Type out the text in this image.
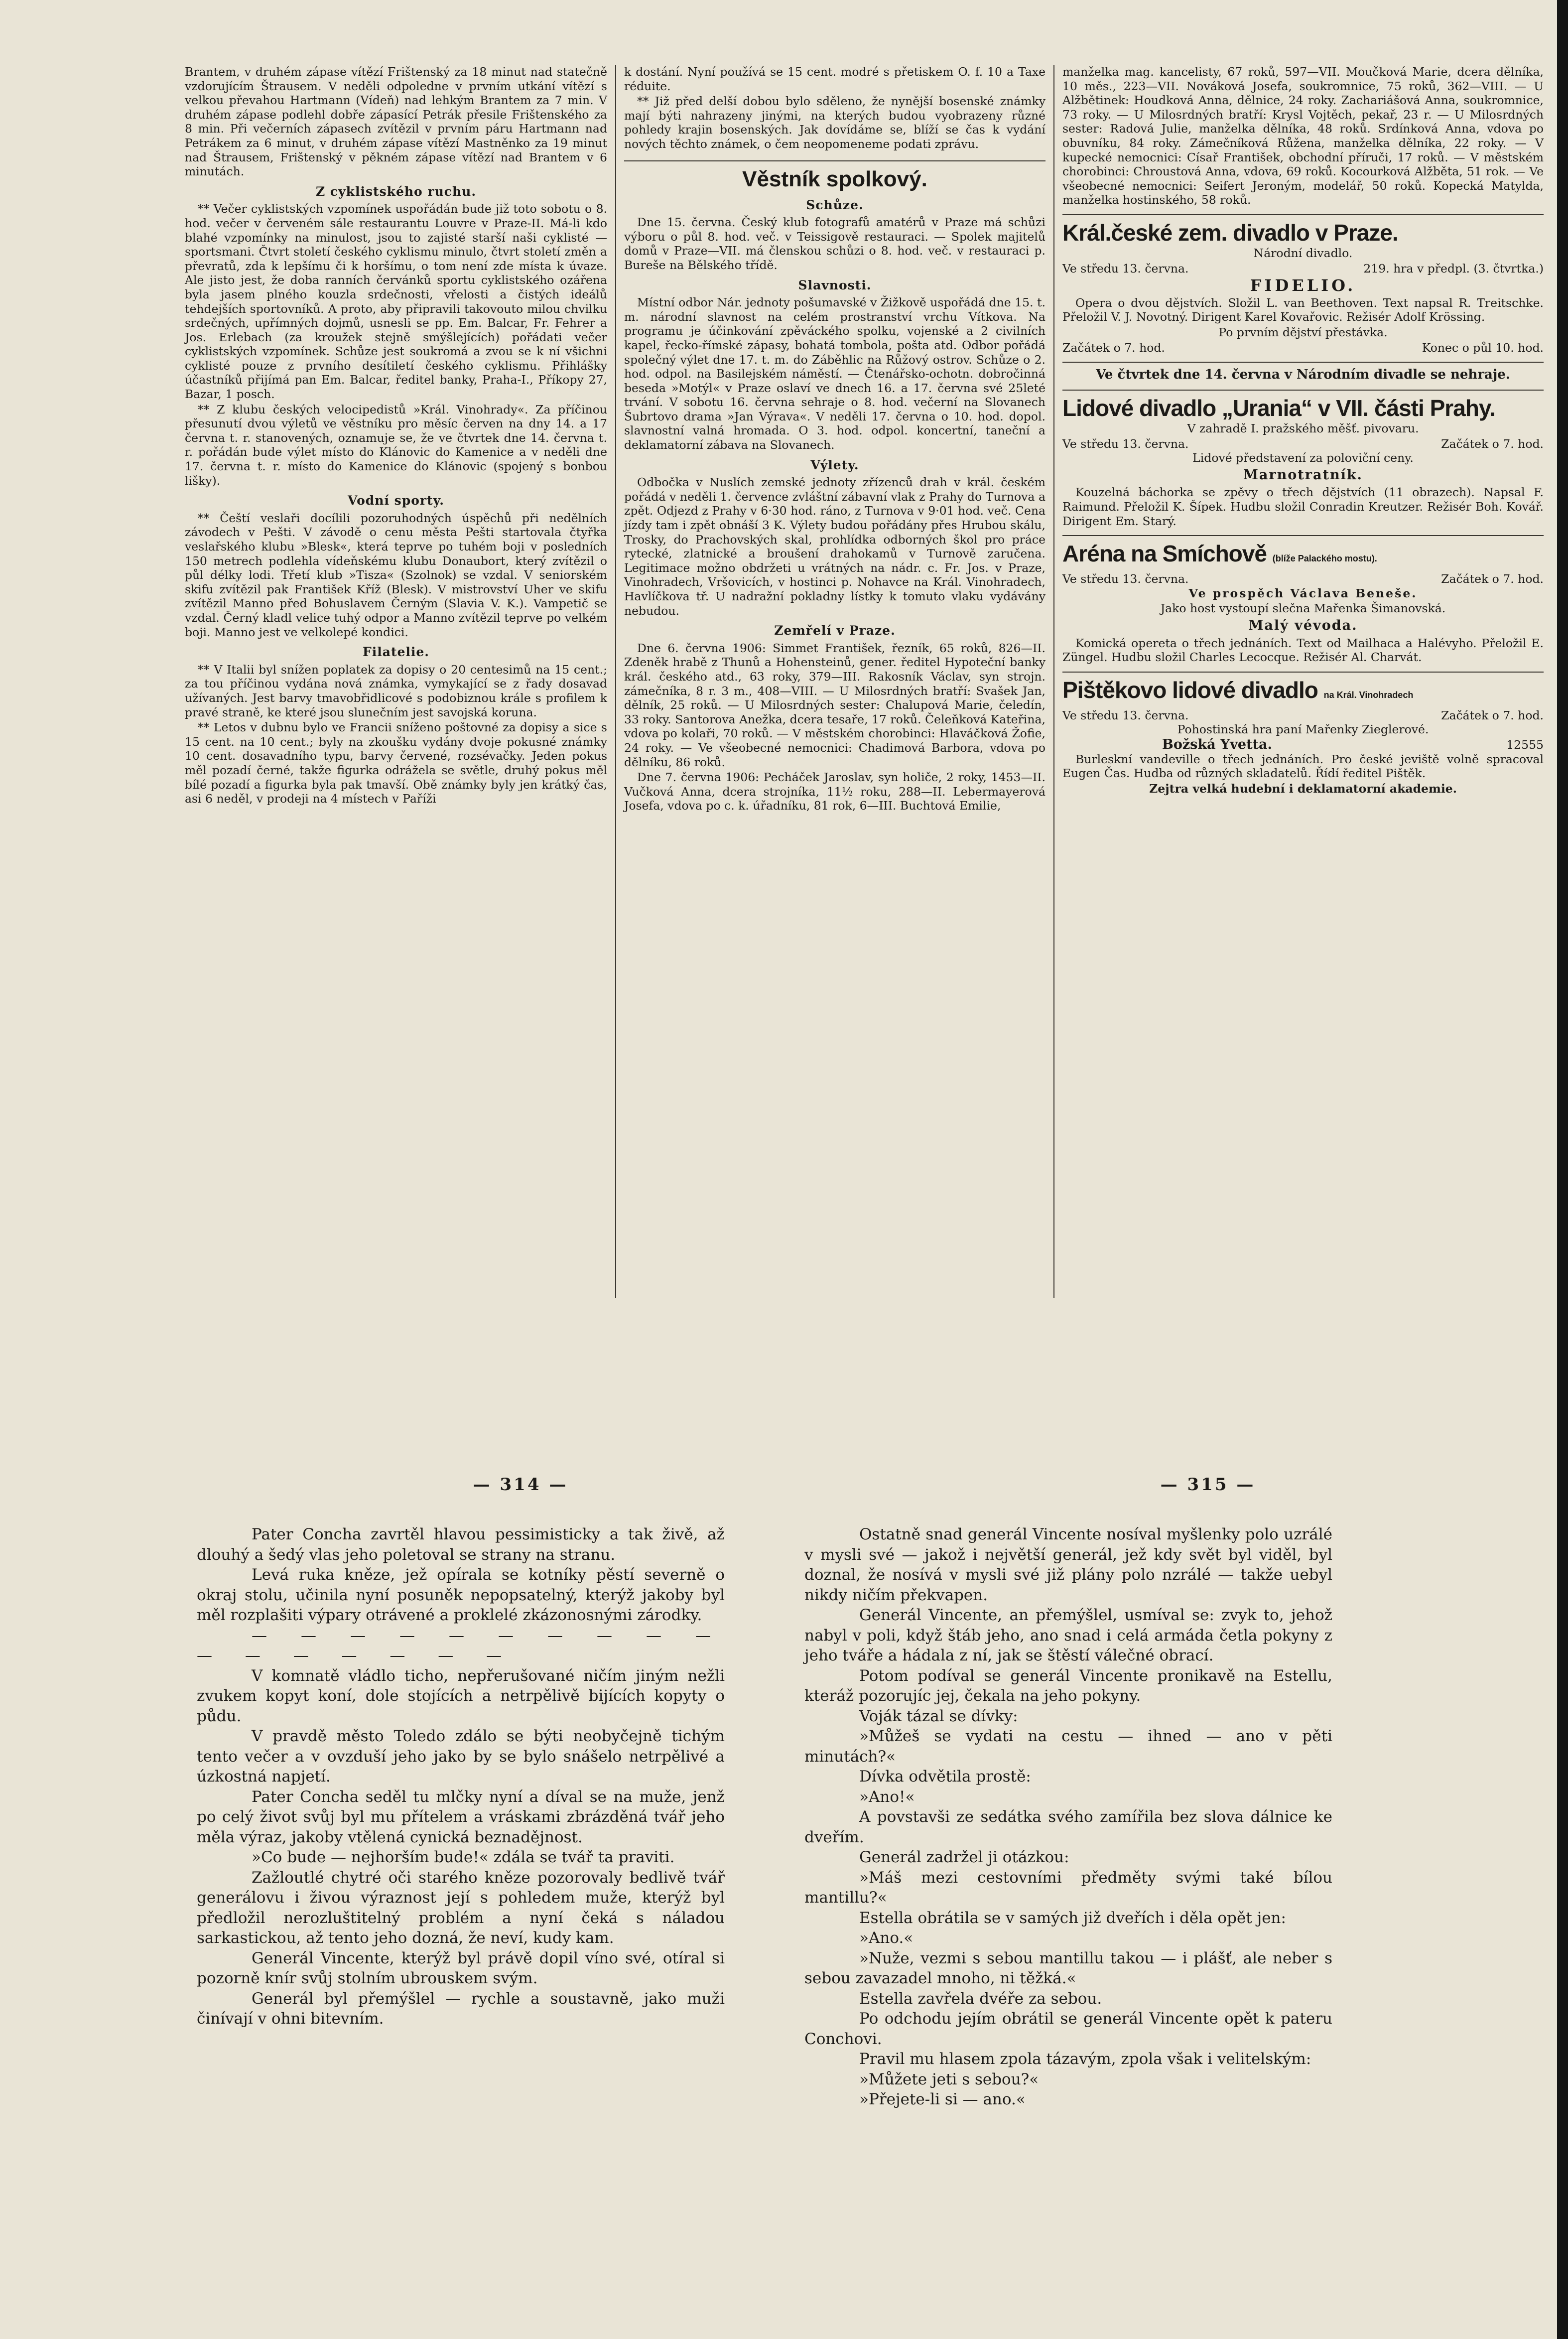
Brantem, v druhém zápase vítězí Frištenský za 18 minut nad statečně vzdorujícím Štrausem. V neděli odpoledne v prvním utkání vítězí s velkou převahou Hartmann (Vídeň) nad lehkým Brantem za 7 min. V druhém zápase podlehl dobře zápasící Petrák přesile Frištenského za 8 min. Při večerních zápasech zvítězil v prvním páru Hartmann nad Petrákem za 6 minut, v druhém zápase vítězí Mastněnko za 19 minut nad Štrausem, Frištenský v pěkném zápase vítězí nad Brantem v 6 minutách.

Z cyklistského ruchu.

** Večer cyklistských vzpomínek uspořádán bude již toto sobotu o 8. hod. večer v červeném sále restaurantu Louvre v Praze-II. Má-li kdo blahé vzpomínky na minulost, jsou to zajisté starší naši cyklisté — sportsmani. Čtvrt století českého cyklismu minulo, čtvrt století změn a převratů, zda k lepšímu či k horšímu, o tom není zde místa k úvaze. Ale jisto jest, že doba ranních červánků sportu cyklistského ozářena byla jasem plného kouzla srdečnosti, vřelosti a čistých ideálů tehdejších sportovníků. A proto, aby připravili takovouto milou chvilku srdečných, upřímných dojmů, usnesli se pp. Em. Balcar, Fr. Fehrer a Jos. Erlebach (za kroužek stejně smýšlejících) pořádati večer cyklistských vzpomínek. Schůze jest soukromá a zvou se k ní všichni cyklisté pouze z prvního desítiletí českého cyklismu. Přihlášky účastníků přijímá pan Em. Balcar, ředitel banky, Praha-I., Příkopy 27, Bazar, 1 posch.

** Z klubu českých velocipedistů »Král. Vinohrady«. Za příčinou přesunutí dvou výletů ve věstníku pro měsíc červen na dny 14. a 17 června t. r. stanovených, oznamuje se, že ve čtvrtek dne 14. června t. r. pořádán bude výlet místo do Klánovic do Kamenice a v neděli dne 17. června t. r. místo do Kamenice do Klánovic (spojený s bonbou lišky).

Vodní sporty.

** Čeští veslaři docílili pozoruhodných úspěchů při nedělních závodech v Pešti. V závodě o cenu města Pešti startovala čtyřka veslařského klubu »Blesk«, která teprve po tuhém boji v posledních 150 metrech podlehla vídeňskému klubu Donaubort, který zvítězil o půl délky lodi. Třetí klub »Tisza« (Szolnok) se vzdal. V seniorském skifu zvítězil pak František Kříž (Blesk). V mistrovství Uher ve skifu zvítězil Manno před Bohuslavem Černým (Slavia V. K.). Vampetič se vzdal. Černý kladl velice tuhý odpor a Manno zvítězil teprve po velkém boji. Manno jest ve velkolepé kondici.

Filatelie.

** V Italii byl snížen poplatek za dopisy o 20 centesimů na 15 cent.; za tou příčinou vydána nová známka, vymykající se z řady dosavad užívaných. Jest barvy tmavobřidlicové s podobiznou krále s profilem k pravé straně, ke které jsou slunečním jest savojská koruna.

** Letos v dubnu bylo ve Francii sníženo poštovné za dopisy a sice s 15 cent. na 10 cent.; byly na zkoušku vydány dvoje pokusné známky 10 cent. dosavadního typu, barvy červené, rozsévačky. Jeden pokus měl pozadí černé, takže figurka odrážela se světle, druhý pokus měl bílé pozadí a figurka byla pak tmavší. Obě známky byly jen krátký čas, asi 6 neděl, v prodeji na 4 místech v Paříži

k dostání. Nyní používá se 15 cent. modré s přetiskem O. f. 10 a Taxe réduite.

** Již před delší dobou bylo sděleno, že nynější bosenské známky mají býti nahrazeny jinými, na kterých budou vyobrazeny různé pohledy krajin bosenských. Jak dovídáme se, blíží se čas k vydání nových těchto známek, o čem neopomeneme podati zprávu.

Věstník spolkový.
Schůze.

Dne 15. června. Český klub fotografů amatérů v Praze má schůzi výboru o půl 8. hod. več. v Teissigově restauraci. — Spolek majitelů domů v Praze—VII. má členskou schůzi o 8. hod. več. v restauraci p. Bureše na Bělského třídě.

Slavnosti.

Místní odbor Nár. jednoty pošumavské v Žižkově uspořádá dne 15. t. m. národní slavnost na celém prostranství vrchu Vítkova. Na programu je účinkování zpěváckého spolku, vojenské a 2 civilních kapel, řecko-římské zápasy, bohatá tombola, pošta atd. Odbor pořádá společný výlet dne 17. t. m. do Záběhlic na Růžový ostrov. Schůze o 2. hod. odpol. na Basilejském náměstí. — Čtenářsko-ochotn. dobročinná beseda »Motýl« v Praze oslaví ve dnech 16. a 17. června své 25leté trvání. V sobotu 16. června sehraje o 8. hod. večerní na Slovanech Šubrtovo drama »Jan Výrava«. V neděli 17. června o 10. hod. dopol. slavnostní valná hromada. O 3. hod. odpol. koncertní, taneční a deklamatorní zábava na Slovanech.

Výlety.

Odbočka v Nuslích zemské jednoty zřízenců drah v král. českém pořádá v neděli 1. července zvláštní zábavní vlak z Prahy do Turnova a zpět. Odjezd z Prahy v 6·30 hod. ráno, z Turnova v 9·01 hod. več. Cena jízdy tam i zpět obnáší 3 K. Výlety budou pořádány přes Hrubou skálu, Trosky, do Prachovských skal, prohlídka odborných škol pro práce rytecké, zlatnické a broušení drahokamů v Turnově zaručena. Legitimace možno obdržeti u vrátných na nádr. c. Fr. Jos. v Praze, Vinohradech, Vršovicích, v hostinci p. Nohavce na Král. Vinohradech, Havlíčkova tř. U nadražní pokladny lístky k tomuto vlaku vydávány nebudou.

Zemřelí v Praze.

Dne 6. června 1906: Simmet František, řezník, 65 roků, 826—II. Zdeněk hrabě z Thunů a Hohensteinů, gener. ředitel Hypoteční banky král. českého atd., 63 roky, 379—III. Rakosník Václav, syn strojn. zámečníka, 8 r. 3 m., 408—VIII. — U Milosrdných bratří: Svašek Jan, dělník, 25 roků. — U Milosrdných sester: Chalupová Marie, čeledín, 33 roky. Santorova Anežka, dcera tesaře, 17 roků. Čeleňková Kateřina, vdova po kolaři, 70 roků. — V městském chorobinci: Hlaváčková Žofie, 24 roky. — Ve všeobecné nemocnici: Chadimová Barbora, vdova po dělníku, 86 roků.

Dne 7. června 1906: Pecháček Jaroslav, syn holiče, 2 roky, 1453—II. Vučková Anna, dcera strojníka, 11½ roku, 288—II. Lebermayerová Josefa, vdova po c. k. úřadníku, 81 rok, 6—III. Buchtová Emilie,

manželka mag. kancelisty, 67 roků, 597—VII. Moučková Marie, dcera dělníka, 10 měs., 223—VII. Nováková Josefa, soukromnice, 75 roků, 362—VIII. — U Alžbětinek: Houdková Anna, dělnice, 24 roky. Zachariášová Anna, soukromnice, 73 roky. — U Milosrdných bratří: Krysl Vojtěch, pekař, 23 r. — U Milosrdných sester: Radová Julie, manželka dělníka, 48 roků. Srdínková Anna, vdova po obuvníku, 84 roky. Zámečníková Růžena, manželka dělníka, 22 roky. — V kupecké nemocnici: Císař František, obchodní příruči, 17 roků. — V městském chorobinci: Chroustová Anna, vdova, 69 roků. Kocourková Alžběta, 51 rok. — Ve všeobecné nemocnici: Seifert Jeroným, modelář, 50 roků. Kopecká Matylda, manželka hostinského, 58 roků.

Král.české zem. divadlo v Praze.

Národní divadlo.

Ve středu 13. června.	219. hra v předpl. (3. čtvrtka.)
FIDELIO.

Opera o dvou dějstvích. Složil L. van Beethoven. Text napsal R. Treitschke. Přeložil V. J. Novotný. Dirigent Karel Kovařovic. Režisér Adolf Krössing.

Po prvním dějství přestávka.

Začátek o 7. hod.	Konec o půl 10. hod.
Ve čtvrtek dne 14. června v Národním divadle se nehraje.
Lidové divadlo „Urania“ v VII. části Prahy.

V zahradě I. pražského měšť. pivovaru.

Ve středu 13. června.	Začátek o 7. hod.

Lidové představení za poloviční ceny.

Marnotratník.

Kouzelná báchorka se zpěvy o třech dějstvích (11 obrazech). Napsal F. Raimund. Přeložil K. Šípek. Hudbu složil Conradin Kreutzer. Režisér Boh. Kovář. Dirigent Em. Starý.

Aréna na Smíchově (blíže Palackého mostu).
Ve středu 13. června.	Začátek o 7. hod.

Ve prospěch Václava Beneše.

Jako host vystoupí slečna Mařenka Šimanovská.

Malý vévoda.

Komická opereta o třech jednáních. Text od Mailhaca a Halévyho. Přeložil E. Züngel. Hudbu složil Charles Lecocque. Režisér Al. Charvát.

Pištěkovo lidové divadlo na Král. Vinohradech
Ve středu 13. června.	Začátek o 7. hod.

Pohostinská hra paní Mařenky Zieglerové.

Božská Yvetta.	12555

Burleskní vandeville o třech jednáních. Pro české jeviště volně spracoval Eugen Čas. Hudba od různých skladatelů. Řídí ředitel Pištěk.

Zejtra velká hudební i deklamatorní akademie.

— 314 —	— 315 —

Pater Concha zavrtěl hlavou pessimisticky a tak živě, až dlouhý a šedý vlas jeho poletoval se strany na stranu.

Levá ruka kněze, jež opírala se kotníky pěstí severně o okraj stolu, učinila nyní posuněk nepopsatelný, kterýž jakoby byl měl rozplašiti výpary otrávené a proklelé zkázonosnými zárodky.

— — — — — — — — — — — — — — — — —

V komnatě vládlo ticho, nepřerušované ničím jiným nežli zvukem kopyt koní, dole stojících a netrpělivě bijících kopyty o půdu.

V pravdě město Toledo zdálo se býti neobyčejně tichým tento večer a v ovzduší jeho jako by se bylo snášelo netrpělivé a úzkostná napjetí.

Pater Concha seděl tu mlčky nyní a díval se na muže, jenž po celý život svůj byl mu přítelem a vráskami zbrázděná tvář jeho měla výraz, jakoby vtělená cynická beznadějnost.

»Co bude — nejhorším bude!« zdála se tvář ta praviti.

Zažloutlé chytré oči starého kněze pozorovaly bedlivě tvář generálovu i živou výraznost její s pohledem muže, kterýž byl předložil nerozluštitelný problém a nyní čeká s náladou sarkastickou, až tento jeho dozná, že neví, kudy kam.

Generál Vincente, kterýž byl právě dopil víno své, otíral si pozorně knír svůj stolním ubrouskem svým.

Generál byl přemýšlel — rychle a soustavně, jako muži činívají v ohni bitevním.

Ostatně snad generál Vincente nosíval myšlenky polo uzrálé v mysli své — jakož i největší generál, jež kdy svět byl viděl, byl doznal, že nosívá v mysli své již plány polo nzrálé — takže uebyl nikdy ničím překvapen.

Generál Vincente, an přemýšlel, usmíval se: zvyk to, jehož nabyl v poli, když štáb jeho, ano snad i celá armáda četla pokyny z jeho tváře a hádala z ní, jak se štěstí válečné obrací.

Potom podíval se generál Vincente pronikavě na Estellu, kteráž pozorujíc jej, čekala na jeho pokyny.

Voják tázal se dívky:

»Můžeš se vydati na cestu — ihned — ano v pěti minutách?«

Dívka odvětila prostě:

»Ano!«

A povstavši ze sedátka svého zamířila bez slova dálnice ke dveřím.

Generál zadržel ji otázkou:

»Máš mezi cestovními předměty svými také bílou mantillu?«

Estella obrátila se v samých již dveřích i děla opět jen:

»Ano.«

»Nuže, vezmi s sebou mantillu takou — i plášť, ale neber s sebou zavazadel mnoho, ni těžká.«

Estella zavřela dvéře za sebou.

Po odchodu jejím obrátil se generál Vincente opět k pateru Conchovi.

Pravil mu hlasem zpola tázavým, zpola však i velitelským:

»Můžete jeti s sebou?«

»Přejete-li si — ano.«
